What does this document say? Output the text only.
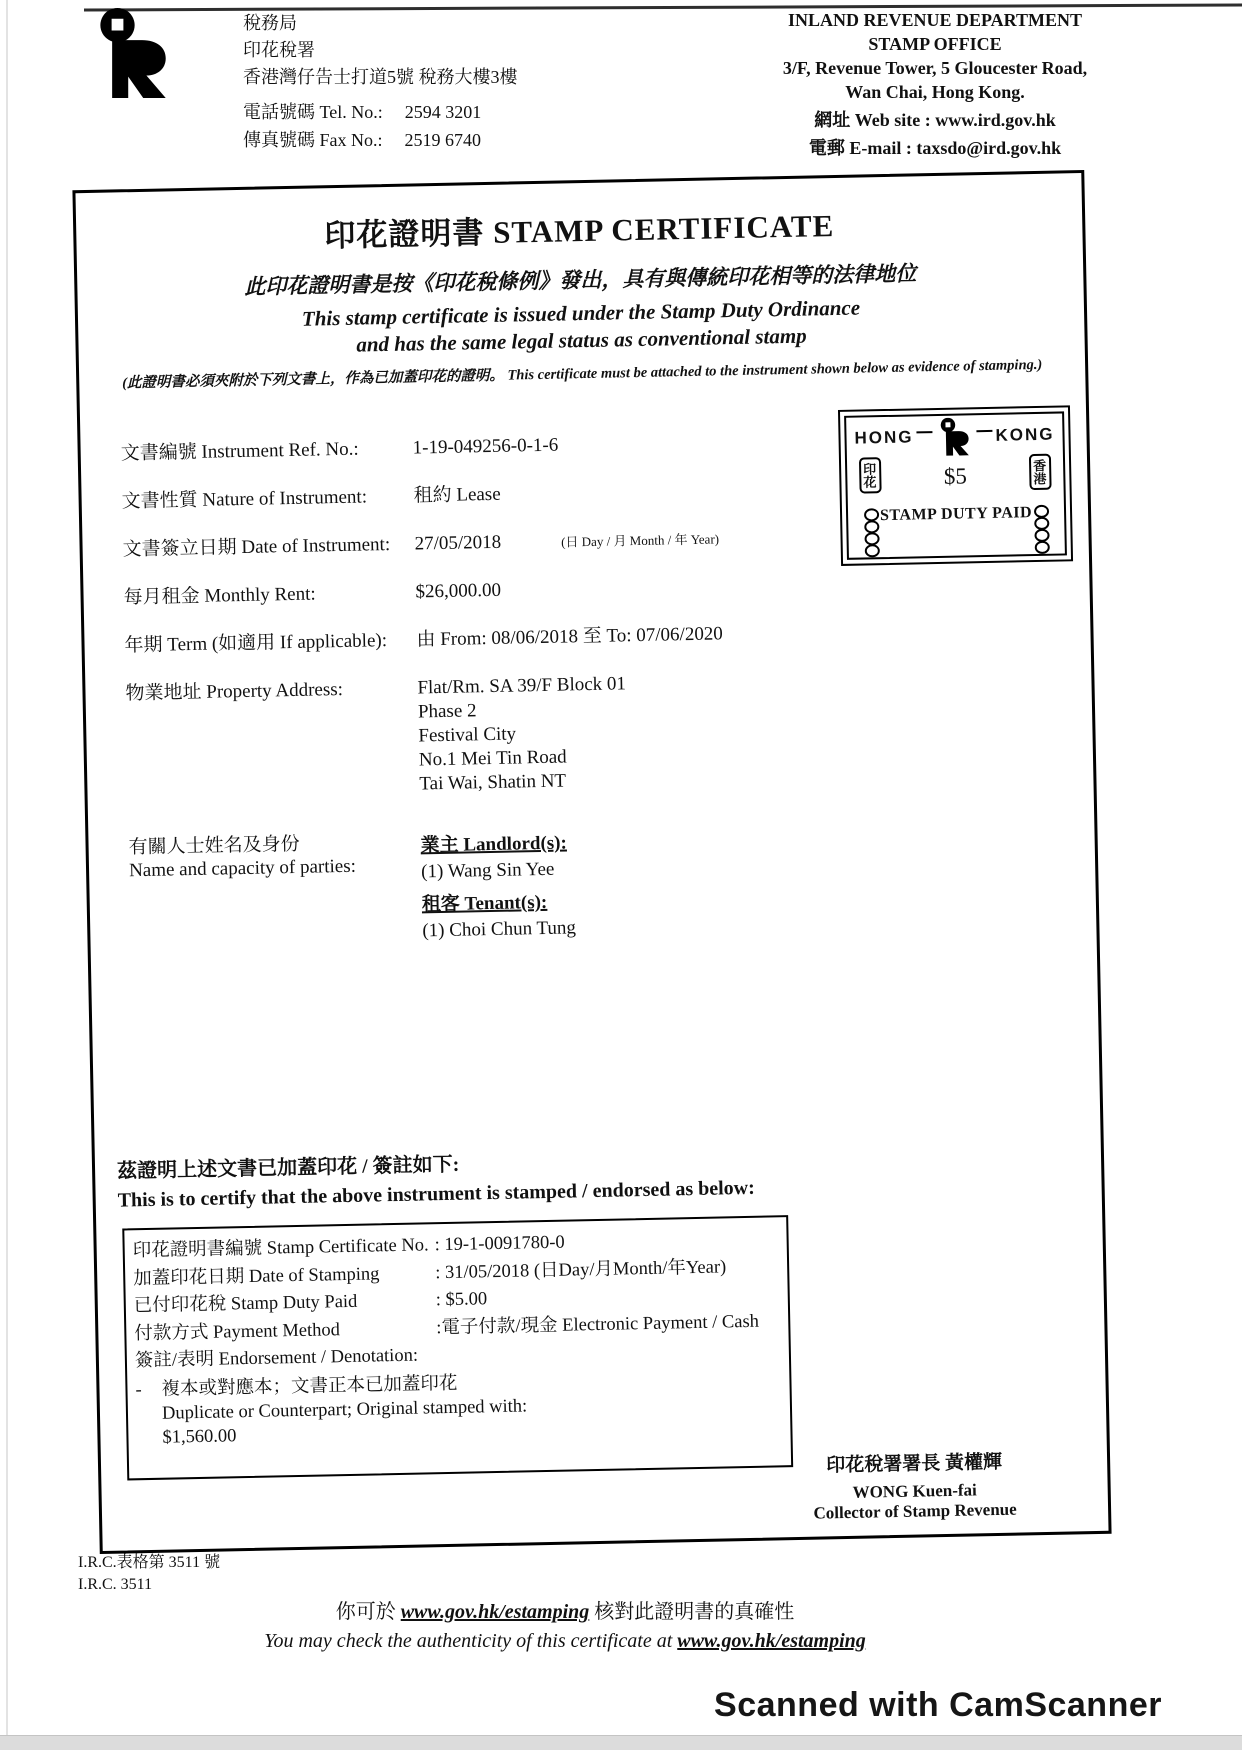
稅務局
印花稅署
香港灣仔告士打道5號 稅務大樓3樓
電話號碼 Tel. No.: 2594 3201
傳真號碼 Fax No.: 2519 6740
INLAND REVENUE DEPARTMENT
STAMP OFFICE
3/F, Revenue Tower, 5 Gloucester Road,
Wan Chai, Hong Kong.
網址 Web site : www.ird.gov.hk
電郵 E-mail : taxsdo@ird.gov.hk
印花證明書 STAMP CERTIFICATE
此印花證明書是按《印花稅條例》發出，具有與傳統印花相等的法律地位
This stamp certificate is issued under the Stamp Duty Ordinance
and has the same legal status as conventional stamp
(此證明書必須夾附於下列文書上，作為已加蓋印花的證明。 This certificate must be attached to the instrument shown below as evidence of stamping.)
文書編號 Instrument Ref. No.:	1-19-049256-0-1-6
文書性質 Nature of Instrument:	租約 Lease
文書簽立日期 Date of Instrument:	27/05/2018	(日 Day / 月 Month / 年 Year)
每月租金 Monthly Rent:	$26,000.00
年期 Term (如適用 If applicable):	由 From: 08/06/2018 至 To: 07/06/2020
物業地址 Property Address:	Flat/Rm. SA 39/F Block 01
Phase 2
Festival City
No.1 Mei Tin Road
Tai Wai, Shatin NT
有關人士姓名及身份
Name and capacity of parties:
業主 Landlord(s):
(1) Wang Sin Yee
租客 Tenant(s):
(1) Choi Chun Tung
HONG	KONG
印花	香港
$5
STAMP DUTY PAID
茲證明上述文書已加蓋印花 / 簽註如下:
This is to certify that the above instrument is stamped / endorsed as below:
印花證明書編號 Stamp Certificate No. : 19-1-0091780-0
加蓋印花日期 Date of Stamping	: 31/05/2018 (日Day/月Month/年Year)
已付印花稅 Stamp Duty Paid	: $5.00
付款方式 Payment Method	:電子付款/現金 Electronic Payment / Cash
簽註/表明 Endorsement / Denotation:
-	複本或對應本；文書正本已加蓋印花
Duplicate or Counterpart; Original stamped with:
$1,560.00
印花稅署署長 黃權輝
WONG Kuen-fai
Collector of Stamp Revenue
I.R.C.表格第 3511 號
I.R.C. 3511
你可於 www.gov.hk/estamping 核對此證明書的真確性
You may check the authenticity of this certificate at www.gov.hk/estamping
Scanned with CamScanner
